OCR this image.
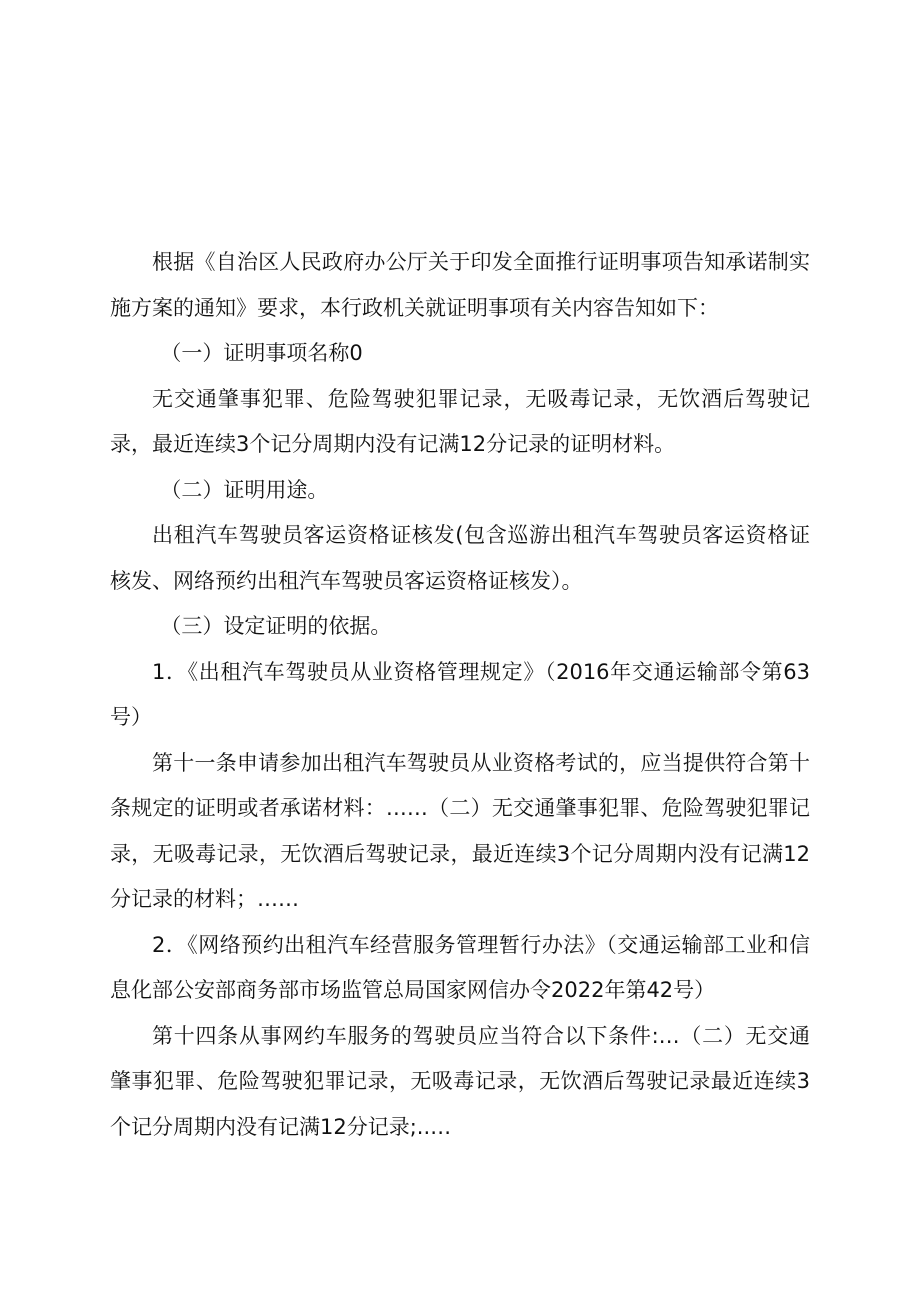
根据《自治区人民政府办公厅关于印发全面推行证明事项告知承诺制实施方案的通知》要求，本行政机关就证明事项有关内容告知如下：

（一）证明事项名称0

无交通肇事犯罪、危险驾驶犯罪记录，无吸毒记录，无饮酒后驾驶记录，最近连续3个记分周期内没有记满12分记录的证明材料。

（二）证明用途。

出租汽车驾驶员客运资格证核发(包含巡游出租汽车驾驶员客运资格证核发、网络预约出租汽车驾驶员客运资格证核发）。

（三）设定证明的依据。

1．《出租汽车驾驶员从业资格管理规定》（2016年交通运输部令第63号）

第十一条申请参加出租汽车驾驶员从业资格考试的，应当提供符合第十条规定的证明或者承诺材料：……（二）无交通肇事犯罪、危险驾驶犯罪记录，无吸毒记录，无饮酒后驾驶记录，最近连续3个记分周期内没有记满12分记录的材料；……

2．《网络预约出租汽车经营服务管理暂行办法》（交通运输部工业和信息化部公安部商务部市场监管总局国家网信办令2022年第42号）

第十四条从事网约车服务的驾驶员应当符合以下条件:…（二）无交通肇事犯罪、危险驾驶犯罪记录，无吸毒记录，无饮酒后驾驶记录最近连续3个记分周期内没有记满12分记录;..…
